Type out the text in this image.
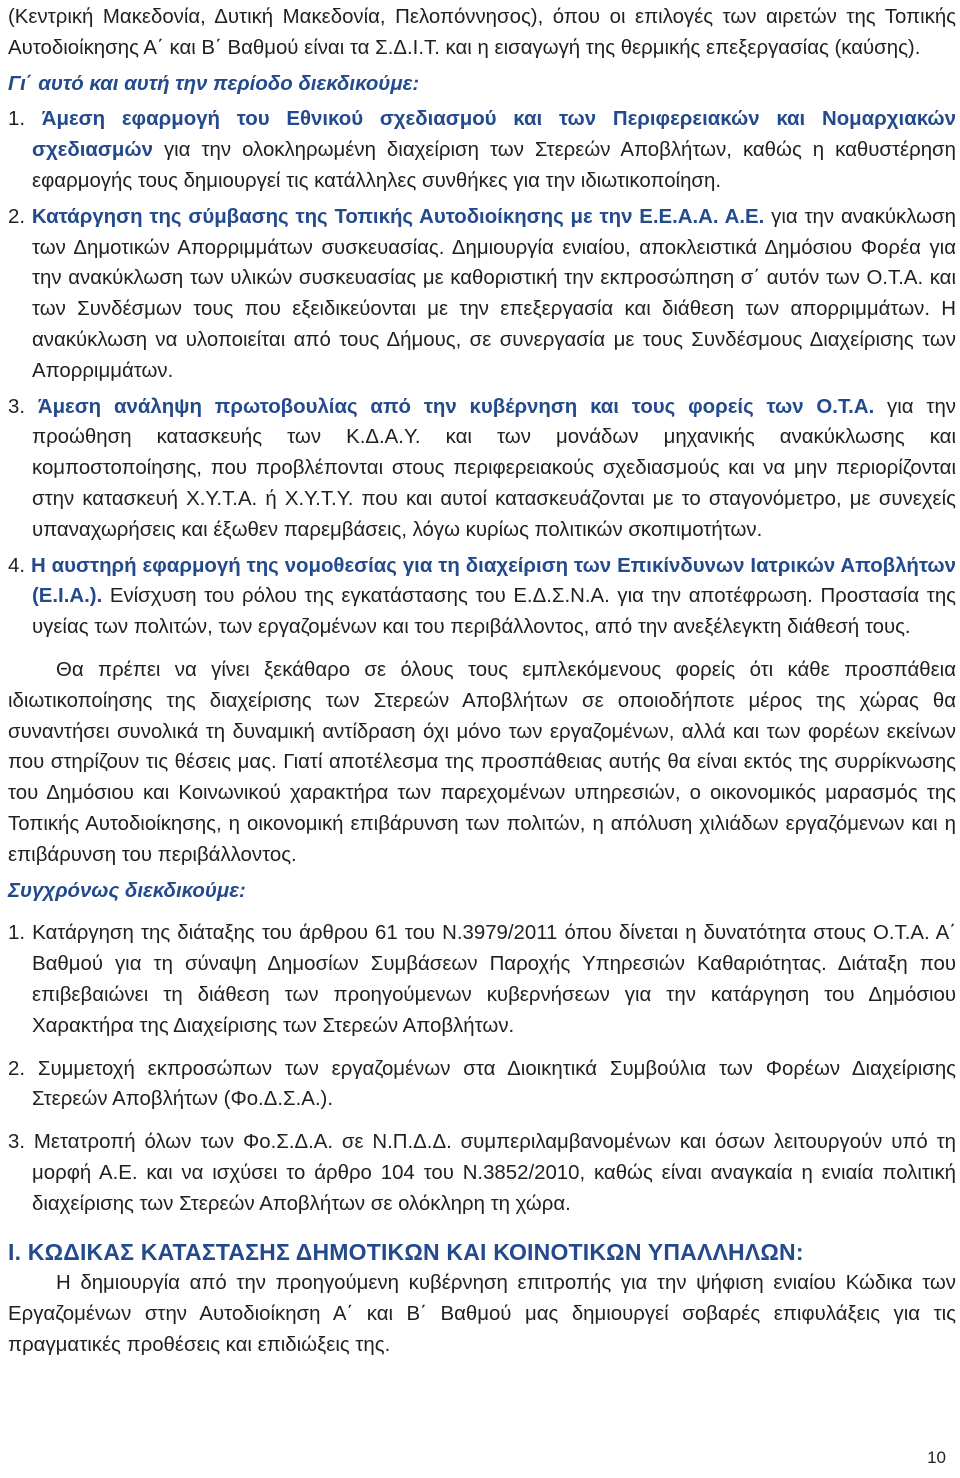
(Κεντρική Μακεδονία, Δυτική Μακεδονία, Πελοπόννησος), όπου οι επιλογές των αιρετών της Τοπικής Αυτοδιοίκησης Α΄ και Β΄ Βαθμού είναι τα Σ.Δ.Ι.Τ. και η εισαγωγή της θερμικής επεξεργασίας (καύσης).

Γι΄ αυτό και αυτή την περίοδο διεκδικούμε:

1. Άμεση εφαρμογή του Εθνικού σχεδιασμού και των Περιφερειακών και Νομαρχιακών σχεδιασμών για την ολοκληρωμένη διαχείριση των Στερεών Αποβλήτων, καθώς η καθυστέρηση εφαρμογής τους δημιουργεί τις κατάλληλες συνθήκες για την ιδιωτικοποίηση.

2. Κατάργηση της σύμβασης της Τοπικής Αυτοδιοίκησης με την Ε.Ε.Α.Α. Α.Ε. για την ανακύκλωση των Δημοτικών Απορριμμάτων συσκευασίας. Δημιουργία ενιαίου, αποκλειστικά Δημόσιου Φορέα για την ανακύκλωση των υλικών συσκευασίας με καθοριστική την εκπροσώπηση σ΄ αυτόν των Ο.Τ.Α. και των Συνδέσμων τους που εξειδικεύονται με την επεξεργασία και διάθεση των απορριμμάτων. Η ανακύκλωση να υλοποιείται από τους Δήμους, σε συνεργασία με τους Συνδέσμους Διαχείρισης των Απορριμμάτων.

3. Άμεση ανάληψη πρωτοβουλίας από την κυβέρνηση και τους φορείς των Ο.Τ.Α. για την προώθηση κατασκευής των Κ.Δ.Α.Υ. και των μονάδων μηχανικής ανακύκλωσης και κομποστοποίησης, που προβλέπονται στους περιφερειακούς σχεδιασμούς και να μην περιορίζονται στην κατασκευή Χ.Υ.Τ.Α. ή Χ.Υ.Τ.Υ. που και αυτοί κατασκευάζονται με το σταγονόμετρο, με συνεχείς υπαναχωρήσεις και έξωθεν παρεμβάσεις, λόγω κυρίως πολιτικών σκοπιμοτήτων.

4. Η αυστηρή εφαρμογή της νομοθεσίας για τη διαχείριση των Επικίνδυνων Ιατρικών Αποβλήτων (Ε.Ι.Α.). Ενίσχυση του ρόλου της εγκατάστασης του Ε.Δ.Σ.Ν.Α. για την αποτέφρωση. Προστασία της υγείας των πολιτών, των εργαζομένων και του περιβάλλοντος, από την ανεξέλεγκτη διάθεσή τους.

Θα πρέπει να γίνει ξεκάθαρο σε όλους τους εμπλεκόμενους φορείς ότι κάθε προσπάθεια ιδιωτικοποίησης της διαχείρισης των Στερεών Αποβλήτων σε οποιοδήποτε μέρος της χώρας θα συναντήσει συνολικά τη δυναμική αντίδραση όχι μόνο των εργαζομένων, αλλά και των φορέων εκείνων που στηρίζουν τις θέσεις μας. Γιατί αποτέλεσμα της προσπάθειας αυτής θα είναι εκτός της συρρίκνωσης του Δημόσιου και Κοινωνικού χαρακτήρα των παρεχομένων υπηρεσιών, ο οικονομικός μαρασμός της Τοπικής Αυτοδιοίκησης, η οικονομική επιβάρυνση των πολιτών, η απόλυση χιλιάδων εργαζόμενων και η επιβάρυνση του περιβάλλοντος.

Συγχρόνως διεκδικούμε:

1. Κατάργηση της διάταξης του άρθρου 61 του Ν.3979/2011 όπου δίνεται η δυνατότητα στους Ο.Τ.Α. Α΄ Βαθμού για τη σύναψη Δημοσίων Συμβάσεων Παροχής Υπηρεσιών Καθαριότητας. Διάταξη που επιβεβαιώνει τη διάθεση των προηγούμενων κυβερνήσεων για την κατάργηση του Δημόσιου Χαρακτήρα της Διαχείρισης των Στερεών Αποβλήτων.

2. Συμμετοχή εκπροσώπων των εργαζομένων στα Διοικητικά Συμβούλια των Φορέων Διαχείρισης Στερεών Αποβλήτων (Φο.Δ.Σ.Α.).

3. Μετατροπή όλων των Φο.Σ.Δ.Α. σε Ν.Π.Δ.Δ. συμπεριλαμβανομένων και όσων λειτουργούν υπό τη μορφή Α.Ε. και να ισχύσει το άρθρο 104 του Ν.3852/2010, καθώς είναι αναγκαία η ενιαία πολιτική διαχείρισης των Στερεών Αποβλήτων σε ολόκληρη τη χώρα.

Ι. ΚΩΔΙΚΑΣ ΚΑΤΑΣΤΑΣΗΣ ΔΗΜΟΤΙΚΩΝ ΚΑΙ ΚΟΙΝΟΤΙΚΩΝ ΥΠΑΛΛΗΛΩΝ:

Η δημιουργία από την προηγούμενη κυβέρνηση επιτροπής για την ψήφιση ενιαίου Κώδικα των Εργαζομένων στην Αυτοδιοίκηση Α΄ και Β΄ Βαθμού μας δημιουργεί σοβαρές επιφυλάξεις για τις πραγματικές προθέσεις και επιδιώξεις της.

10
